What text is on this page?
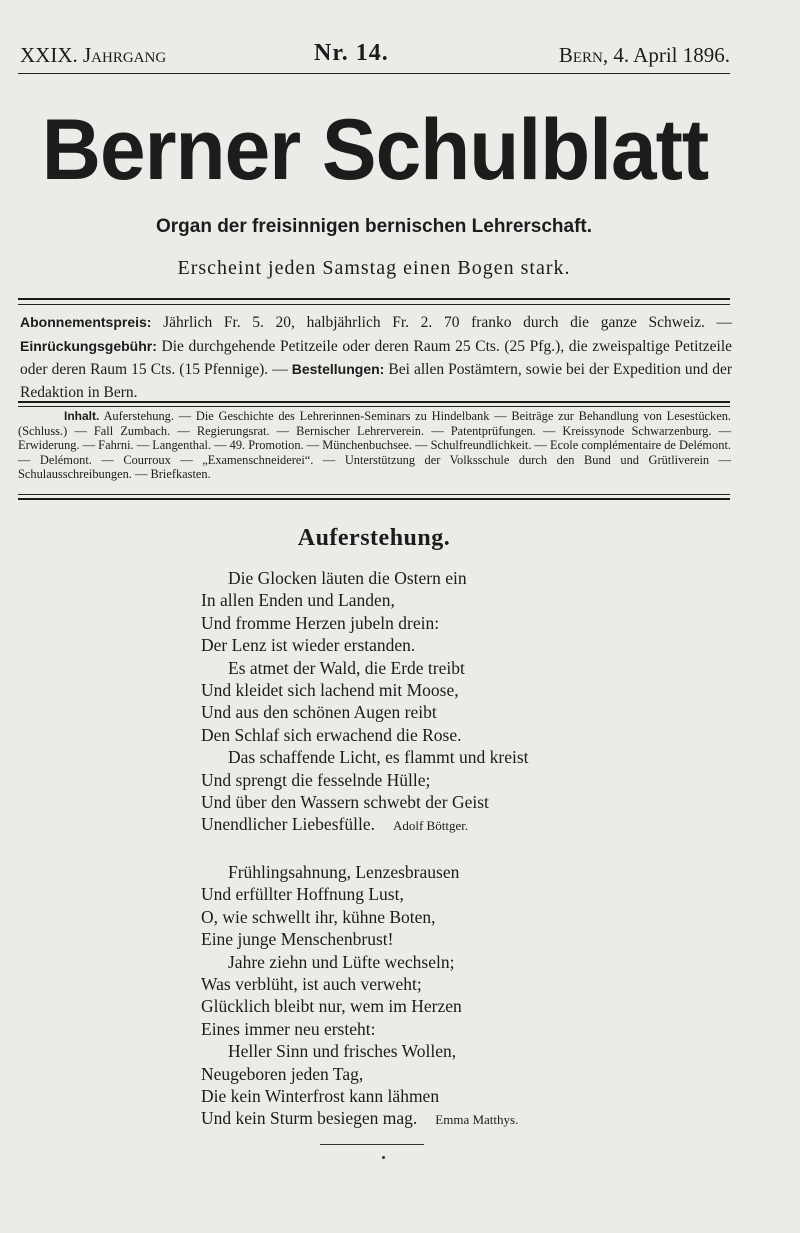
XXIX. Jahrgang	Nr. 14.	Bern, 4. April 1896.
Berner Schulblatt
Organ der freisinnigen bernischen Lehrerschaft.
Erscheint jeden Samstag einen Bogen stark.
Abonnementspreis: Jährlich Fr. 5. 20, halbjährlich Fr. 2. 70 franko durch die ganze Schweiz. — Einrückungsgebühr: Die durchgehende Petitzeile oder deren Raum 25 Cts. (25 Pfg.), die zweispaltige Petitzeile oder deren Raum 15 Cts. (15 Pfennige). — Bestellungen: Bei allen Postämtern, sowie bei der Expedition und der Redaktion in Bern.
Inhalt. Auferstehung. — Die Geschichte des Lehrerinnen-Seminars zu Hindelbank — Beiträge zur Behandlung von Lesestücken. (Schluss.) — Fall Zumbach. — Regierungsrat. — Bernischer Lehrerverein. — Patentprüfungen. — Kreissynode Schwarzenburg. — Erwiderung. — Fahrni. — Langenthal. — 49. Promotion. — Münchenbuchsee. — Schulfreundlichkeit. — Ecole complémentaire de Delémont. — Delémont. — Courroux — „Examenschneiderei“. — Unterstützung der Volksschule durch den Bund und Grütliverein — Schulausschreibungen. — Briefkasten.
Auferstehung.
Die Glocken läuten die Ostern ein
In allen Enden und Landen,
Und fromme Herzen jubeln drein:
Der Lenz ist wieder erstanden.
Es atmet der Wald, die Erde treibt
Und kleidet sich lachend mit Moose,
Und aus den schönen Augen reibt
Den Schlaf sich erwachend die Rose.
Das schaffende Licht, es flammt und kreist
Und sprengt die fesselnde Hülle;
Und über den Wassern schwebt der Geist
Unendlicher Liebesfülle. Adolf Böttger.
Frühlingsahnung, Lenzesbrausen
Und erfüllter Hoffnung Lust,
O, wie schwellt ihr, kühne Boten,
Eine junge Menschenbrust!
Jahre ziehn und Lüfte wechseln;
Was verblüht, ist auch verweht;
Glücklich bleibt nur, wem im Herzen
Eines immer neu ersteht:
Heller Sinn und frisches Wollen,
Neugeboren jeden Tag,
Die kein Winterfrost kann lähmen
Und kein Sturm besiegen mag. Emma Matthys.
